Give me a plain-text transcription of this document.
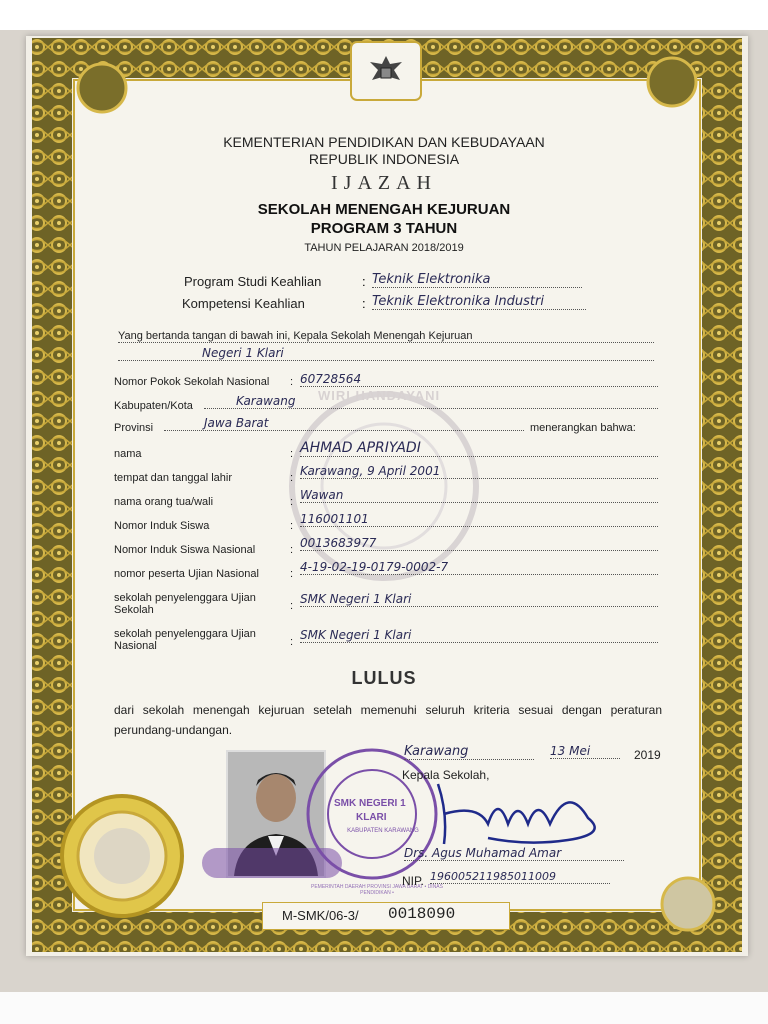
WIRI HANDAYANI
KEMENTERIAN PENDIDIKAN DAN KEBUDAYAAN
REPUBLIK INDONESIA
IJAZAH
SEKOLAH MENENGAH KEJURUAN
PROGRAM 3 TAHUN
TAHUN PELAJARAN 2018/2019
Program Studi Keahlian	: Teknik Elektronika
Kompetensi Keahlian	: Teknik Elektronika Industri
Yang bertanda tangan di bawah ini, Kepala Sekolah Menengah Kejuruan
Negeri 1 Klari
Nomor Pokok Sekolah Nasional : 60728564
Kabupaten/Kota	Karawang
Provinsi	Jawa Barat	menerangkan bahwa:
nama	: AHMAD APRIYADI
tempat dan tanggal lahir	: Karawang, 9 April 2001
nama orang tua/wali	: Wawan
Nomor Induk Siswa	: 116001101
Nomor Induk Siswa Nasional	: 0013683977
nomor peserta Ujian Nasional	: 4-19-02-19-0179-0002-7
sekolah penyelenggara Ujian Sekolah	: SMK Negeri 1 Klari
sekolah penyelenggara Ujian Nasional	: SMK Negeri 1 Klari
LULUS
dari sekolah menengah kejuruan setelah memenuhi seluruh kriteria sesuai dengan peraturan perundang-undangan.
SMK NEGERI 1
KLARI
KABUPATEN KARAWANG
PEMERINTAH DAERAH PROVINSI JAWA BARAT • DINAS PENDIDIKAN •
Karawang	13 Mei	2019
Kepala Sekolah,
Drs. Agus Muhamad Amar
NIP. 196005211985011009
M-SMK/06-3/ 0018090
